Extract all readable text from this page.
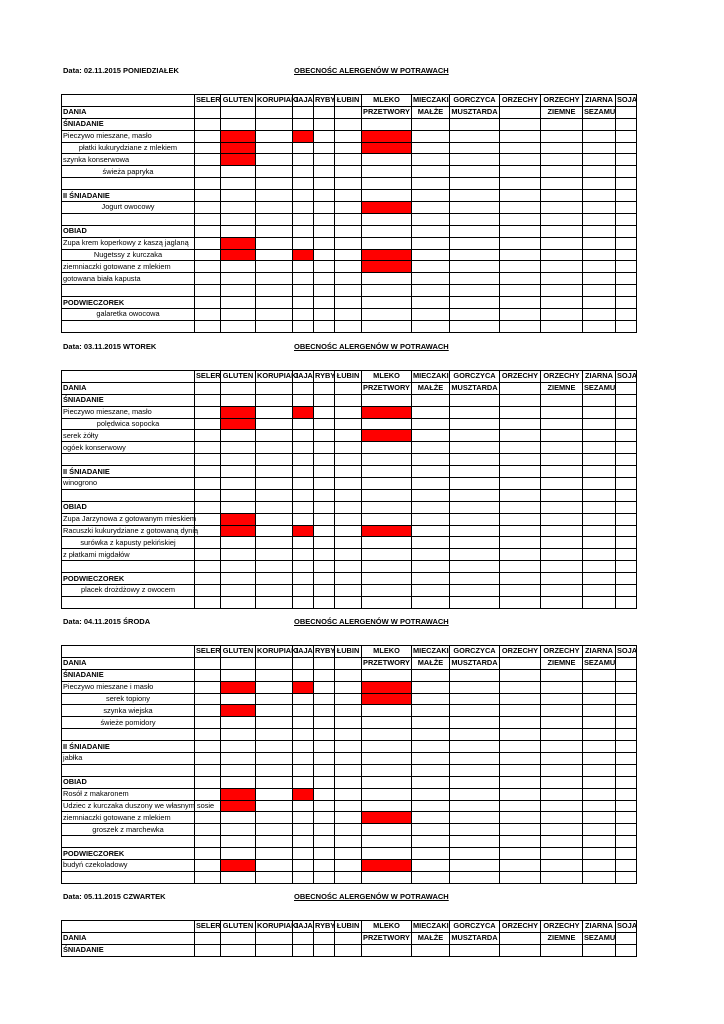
Data: 02.11.2015 PONIEDZIAŁEK	OBECNOŚC ALERGENÓW W POTRAWACH
	SELER	GLUTEN	KORUPIAKI	JAJA	RYBY	ŁUBIN	MLEKO	MIECZAKI	GORCZYCA	ORZECHY	ORZECHY	ZIARNA	SOJA
DANIA							PRZETWORY	MAŁŻE	MUSZTARDA		ZIEMNE	SEZAMU	
ŚNIADANIE													
Pieczywo mieszane, masło													
płatki kukurydziane z mlekiem													
szynka konserwowa													
świeża papryka													

II ŚNIADANIE													
Jogurt owocowy													

OBIAD													
Zupa krem koperkowy z kaszą jaglaną													
Nugetssy z kurczaka													
ziemniaczki gotowane z mlekiem													
gotowana biała kapusta													

PODWIECZOREK													
galaretka owocowa													

Data: 03.11.2015 WTOREK	OBECNOŚC ALERGENÓW W POTRAWACH
	SELER	GLUTEN	KORUPIAKI	JAJA	RYBY	ŁUBIN	MLEKO	MIECZAKI	GORCZYCA	ORZECHY	ORZECHY	ZIARNA	SOJA
DANIA							PRZETWORY	MAŁŻE	MUSZTARDA		ZIEMNE	SEZAMU	
ŚNIADANIE													
Pieczywo mieszane, masło													
polędwica sopocka													
serek żółty													
ogóek konserwowy													

II ŚNIADANIE													
winogrono													

OBIAD													
Zupa Jarzynowa z gotowanym mieskiem													
Racuszki kukurydziane z gotowaną dynią													
surówka z kapusty pekińskiej													
z płatkami migdałów													

PODWIECZOREK													
placek drożdżowy z owocem													

Data: 04.11.2015 ŚRODA	OBECNOŚC ALERGENÓW W POTRAWACH
	SELER	GLUTEN	KORUPIAKI	JAJA	RYBY	ŁUBIN	MLEKO	MIECZAKI	GORCZYCA	ORZECHY	ORZECHY	ZIARNA	SOJA
DANIA							PRZETWORY	MAŁŻE	MUSZTARDA		ZIEMNE	SEZAMU	
ŚNIADANIE													
Pieczywo mieszane i masło													
serek topiony													
szynka wiejska													
świeże pomidory													

II ŚNIADANIE													
jabłka													

OBIAD													
Rosół z makaronem													
Udziec z kurczaka duszony we własnym sosie													
ziemniaczki gotowane z mlekiem													
groszek z marchewka													

PODWIECZOREK													
budyń czekoladowy													

Data: 05.11.2015 CZWARTEK	OBECNOŚC ALERGENÓW W POTRAWACH
	SELER	GLUTEN	KORUPIAKI	JAJA	RYBY	ŁUBIN	MLEKO	MIECZAKI	GORCZYCA	ORZECHY	ORZECHY	ZIARNA	SOJA
DANIA							PRZETWORY	MAŁŻE	MUSZTARDA		ZIEMNE	SEZAMU	
ŚNIADANIE													
